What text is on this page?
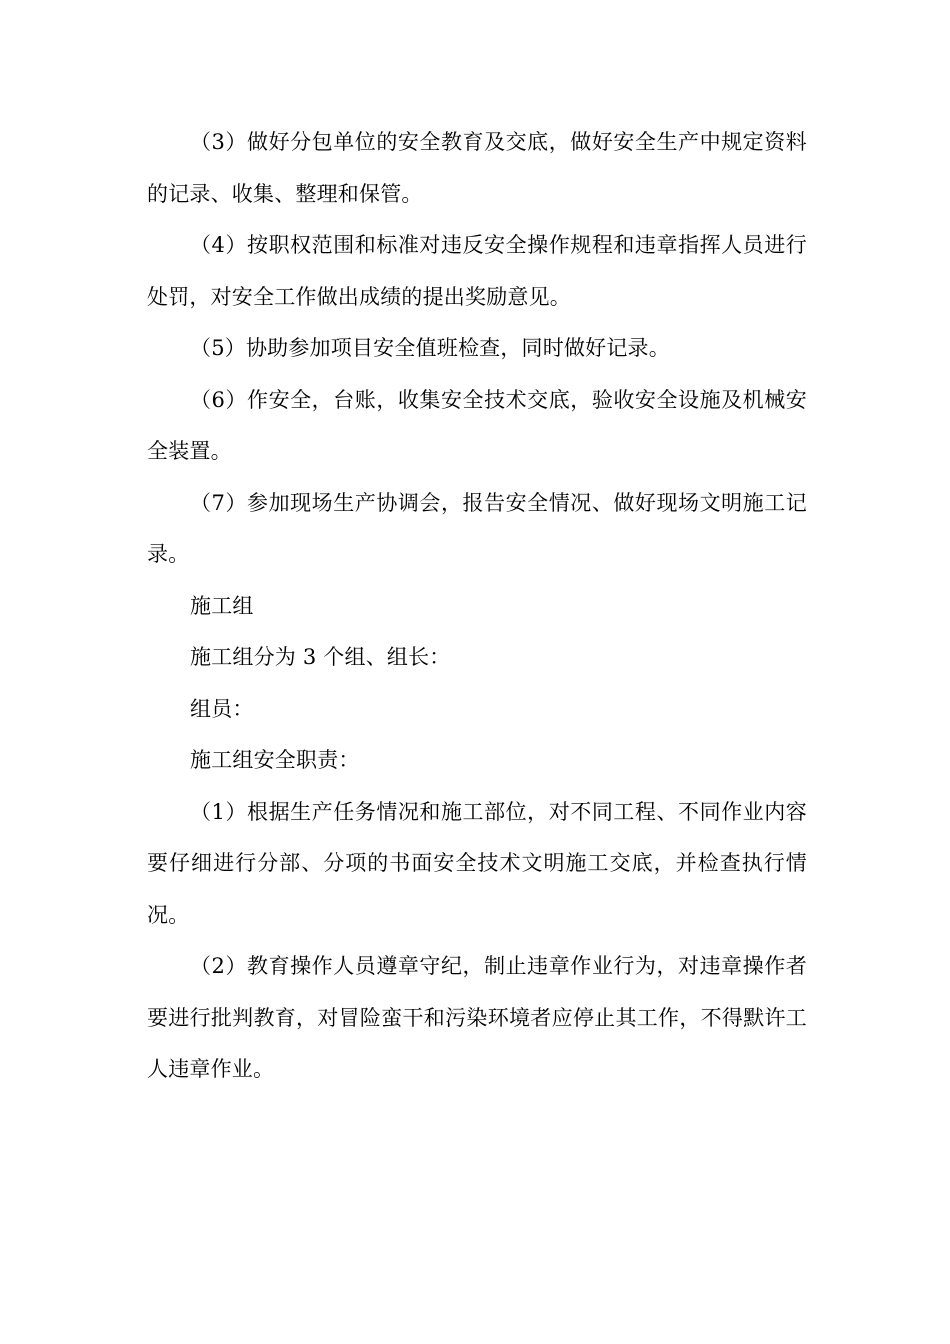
（3）做好分包单位的安全教育及交底，做好安全生产中规定资料的记录、收集、整理和保管。

（4）按职权范围和标准对违反安全操作规程和违章指挥人员进行处罚，对安全工作做出成绩的提出奖励意见。

（5）协助参加项目安全值班检查，同时做好记录。

（6）作安全，台账，收集安全技术交底，验收安全设施及机械安全装置。

（7）参加现场生产协调会，报告安全情况、做好现场文明施工记录。

施工组

施工组分为 3 个组、组长：

组员：

施工组安全职责：

（1）根据生产任务情况和施工部位，对不同工程、不同作业内容要仔细进行分部、分项的书面安全技术文明施工交底，并检查执行情况。

（2）教育操作人员遵章守纪，制止违章作业行为，对违章操作者要进行批判教育，对冒险蛮干和污染环境者应停止其工作，不得默许工人违章作业。
